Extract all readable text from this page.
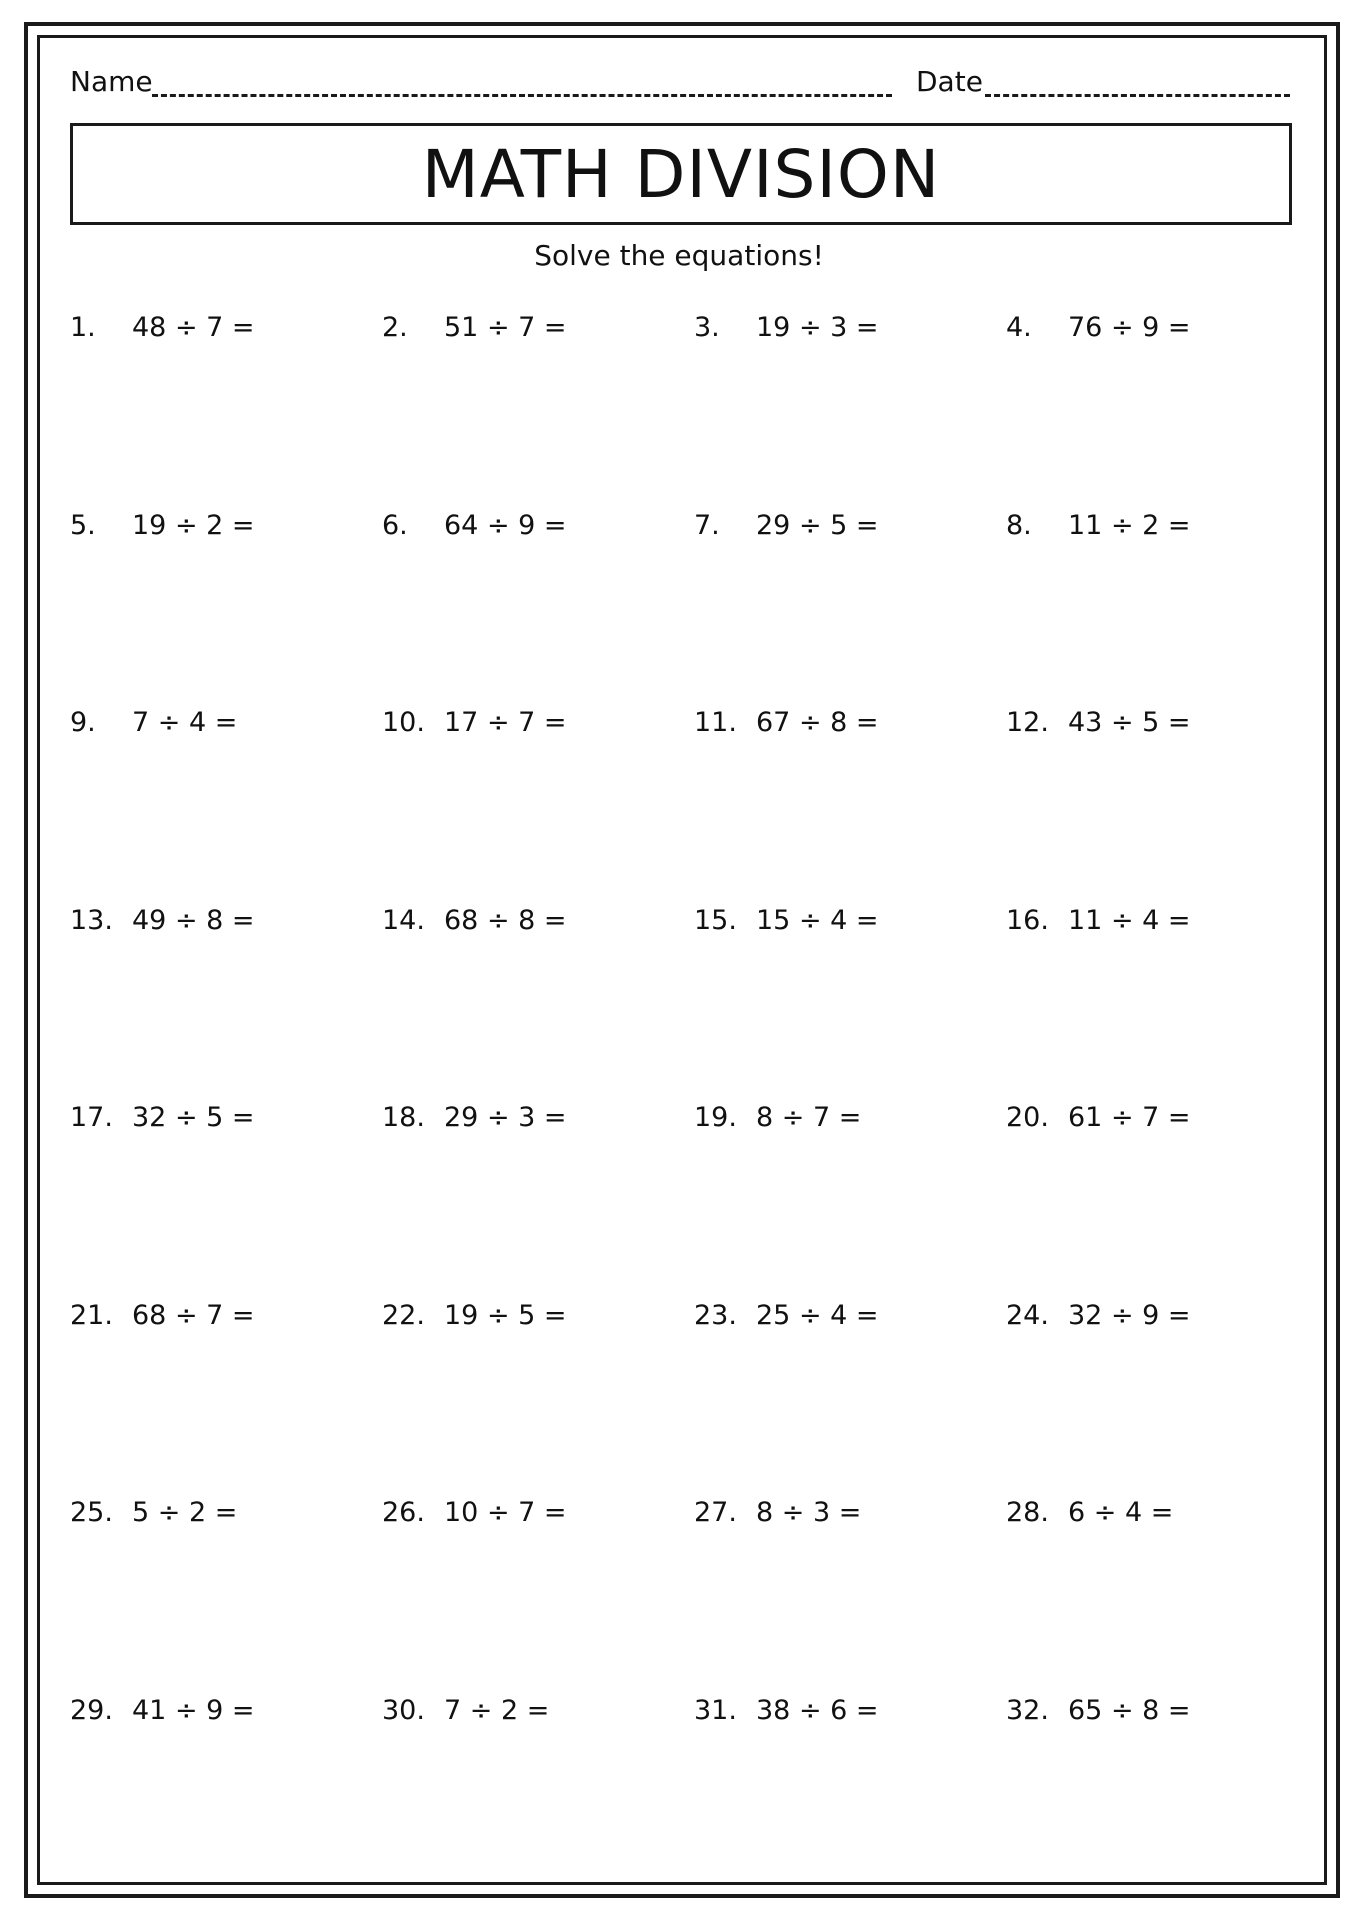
Name	Date
MATH DIVISION
Solve the equations!
1.	48 ÷ 7 =	2.	51 ÷ 7 =	3.	19 ÷ 3 =	4.	76 ÷ 9 =
5.	19 ÷ 2 =	6.	64 ÷ 9 =	7.	29 ÷ 5 =	8.	11 ÷ 2 =
9.	7 ÷ 4 =	10. 17 ÷ 7 =	11. 67 ÷ 8 =	12. 43 ÷ 5 =
13. 49 ÷ 8 =	14. 68 ÷ 8 =	15. 15 ÷ 4 =	16. 11 ÷ 4 =
17. 32 ÷ 5 =	18. 29 ÷ 3 =	19. 8 ÷ 7 =	20. 61 ÷ 7 =
21. 68 ÷ 7 =	22. 19 ÷ 5 =	23. 25 ÷ 4 =	24. 32 ÷ 9 =
25. 5 ÷ 2 =	26. 10 ÷ 7 =	27. 8 ÷ 3 =	28. 6 ÷ 4 =
29. 41 ÷ 9 =	30. 7 ÷ 2 =	31. 38 ÷ 6 =	32. 65 ÷ 8 =
